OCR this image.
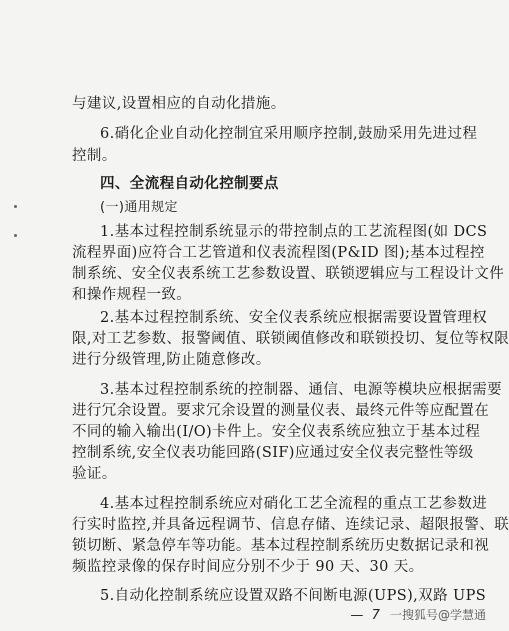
与建议,设置相应的自动化措施。
6.硝化企业自动化控制宜采用顺序控制,鼓励采用先进过程
控制。
四、全流程自动化控制要点
(一)通用规定
1.基本过程控制系统显示的带控制点的工艺流程图(如 DCS
流程界面)应符合工艺管道和仪表流程图(P&ID 图);基本过程控
制系统、安全仪表系统工艺参数设置、联锁逻辑应与工程设计文件
和操作规程一致。
2.基本过程控制系统、安全仪表系统应根据需要设置管理权
限,对工艺参数、报警阈值、联锁阈值修改和联锁投切、复位等权限
进行分级管理,防止随意修改。
3.基本过程控制系统的控制器、通信、电源等模块应根据需要
进行冗余设置。要求冗余设置的测量仪表、最终元件等应配置在
不同的输入输出(I/O)卡件上。安全仪表系统应独立于基本过程
控制系统,安全仪表功能回路(SIF)应通过安全仪表完整性等级
验证。
4.基本过程控制系统应对硝化工艺全流程的重点工艺参数进
行实时监控,并具备远程调节、信息存储、连续记录、超限报警、联
锁切断、紧急停车等功能。基本过程控制系统历史数据记录和视
频监控录像的保存时间应分别不少于 90 天、30 天。
5.自动化控制系统应设置双路不间断电源(UPS),双路 UPS
— 7 一搜狐号@学慧通
